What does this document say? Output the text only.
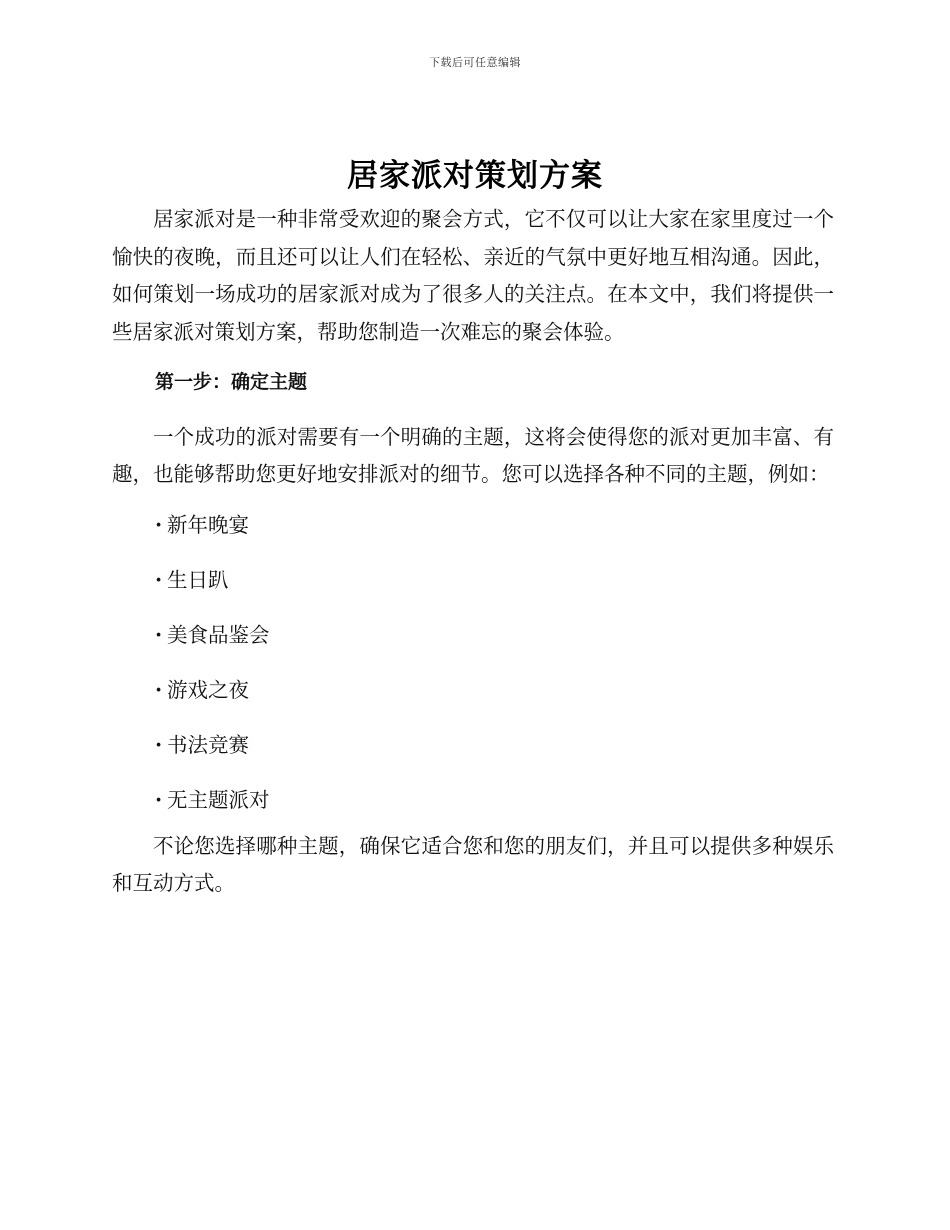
下载后可任意编辑
居家派对策划方案

居家派对是一种非常受欢迎的聚会方式，它不仅可以让大家在家里度过一个愉快的夜晚，而且还可以让人们在轻松、亲近的气氛中更好地互相沟通。因此，如何策划一场成功的居家派对成为了很多人的关注点。在本文中，我们将提供一些居家派对策划方案，帮助您制造一次难忘的聚会体验。

第一步：确定主题

一个成功的派对需要有一个明确的主题，这将会使得您的派对更加丰富、有趣，也能够帮助您更好地安排派对的细节。您可以选择各种不同的主题，例如：

· 新年晚宴
· 生日趴
· 美食品鉴会
· 游戏之夜
· 书法竞赛
· 无主题派对

不论您选择哪种主题，确保它适合您和您的朋友们，并且可以提供多种娱乐和互动方式。
